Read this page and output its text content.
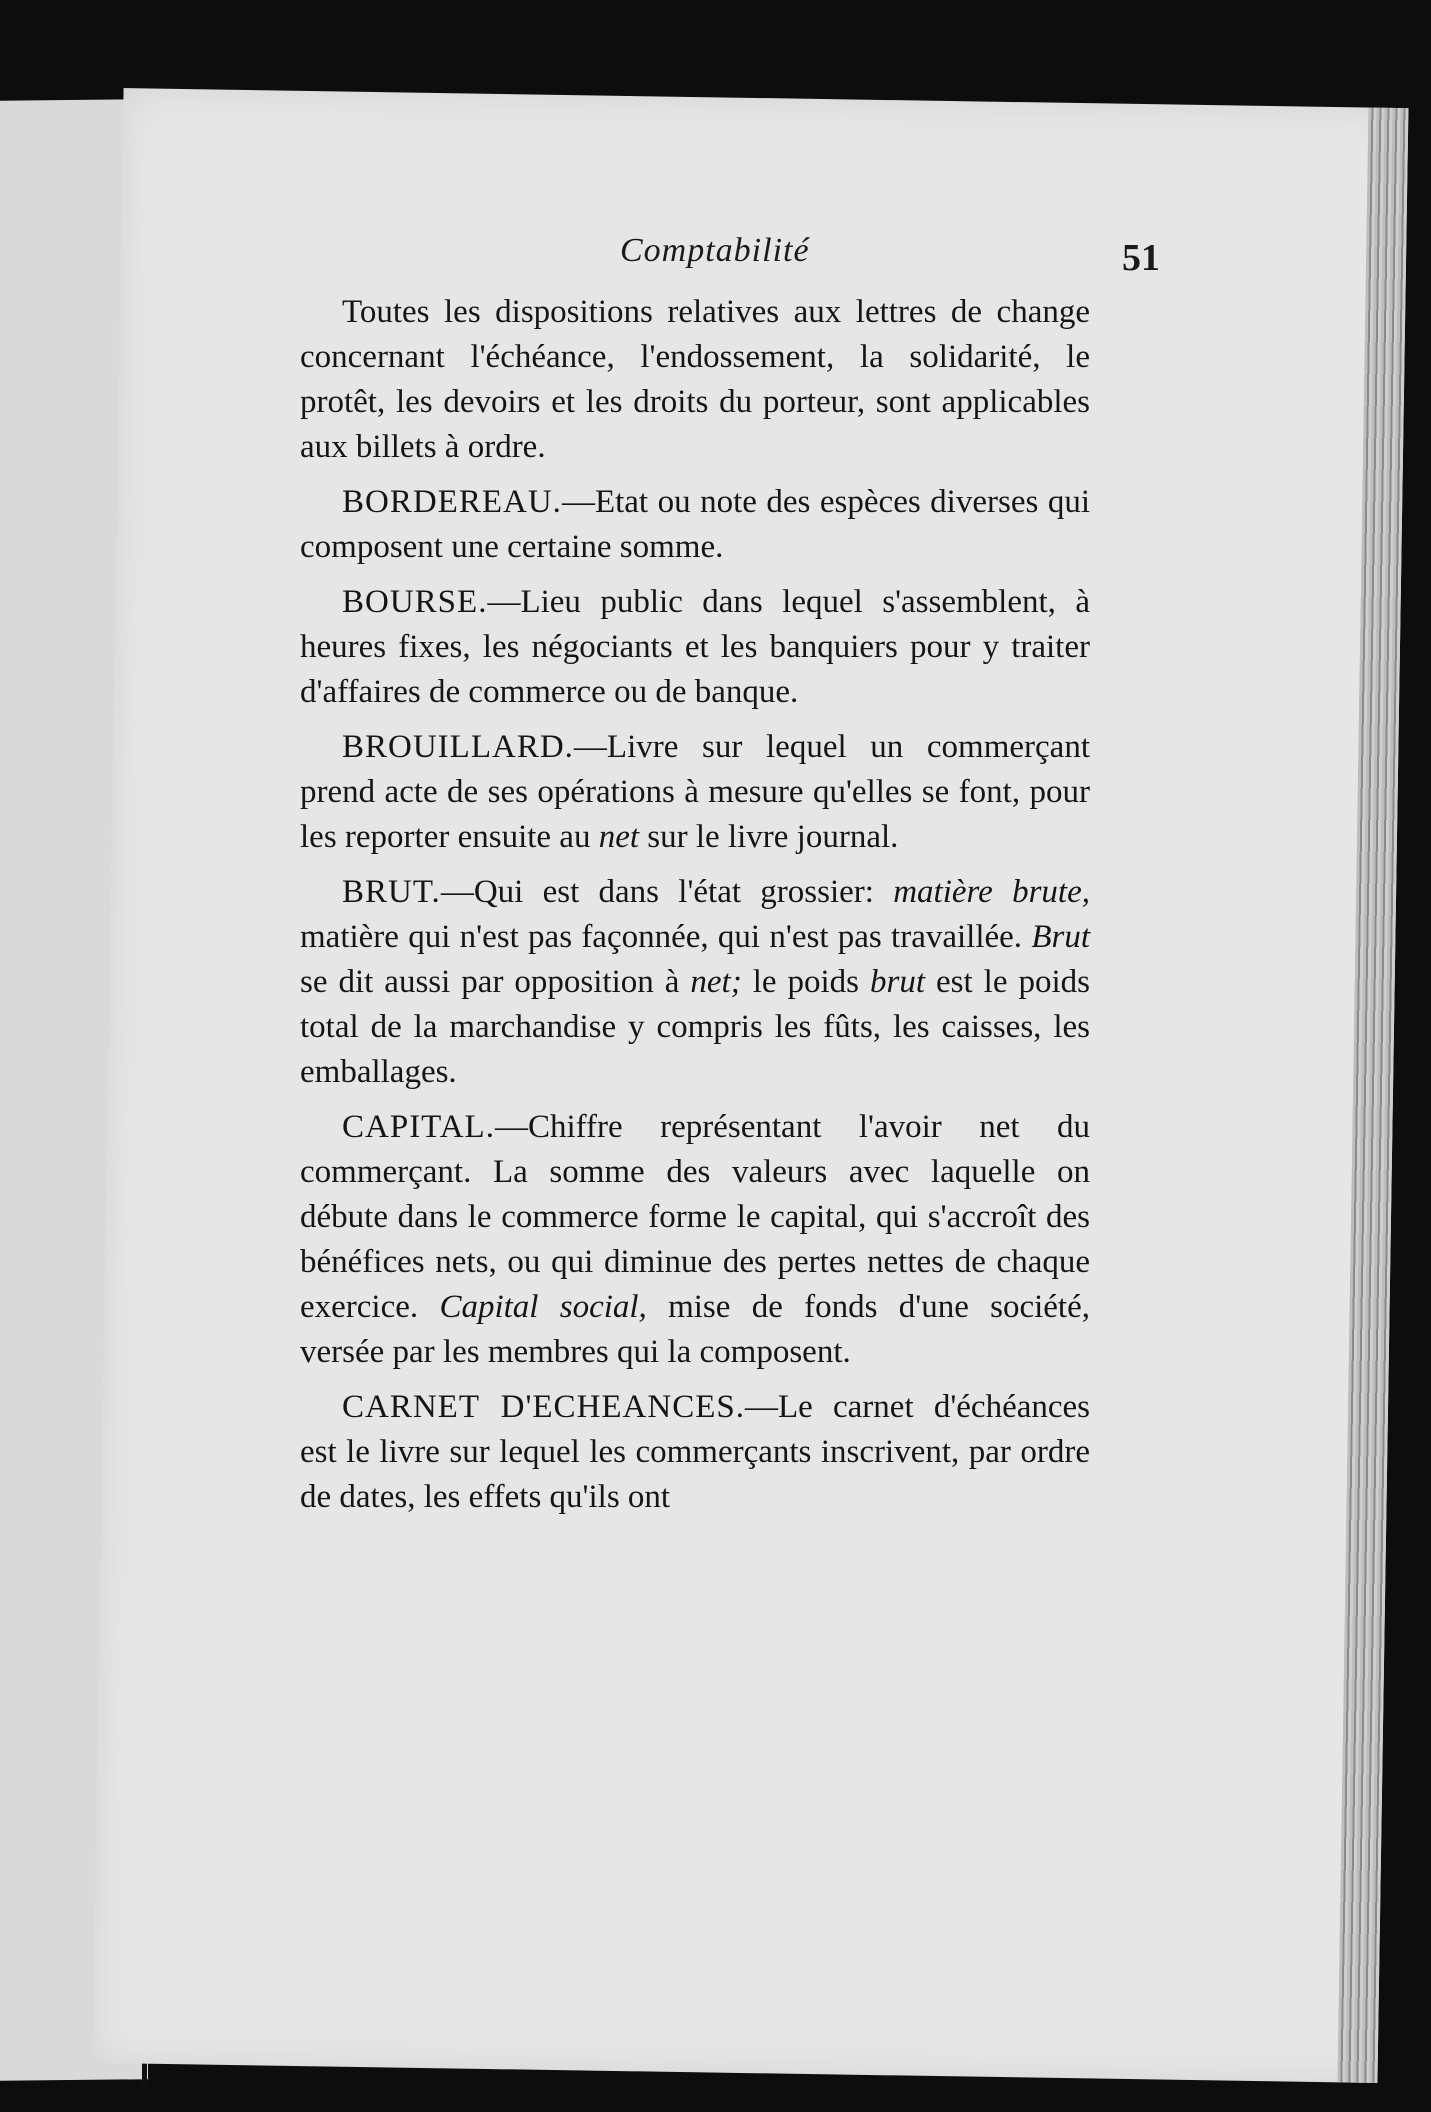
Comptabilité	51

Toutes les dispositions relatives aux lettres de change concernant l'échéance, l'endossement, la solidarité, le protêt, les devoirs et les droits du porteur, sont applicables aux billets à ordre.

BORDEREAU.—Etat ou note des espèces diverses qui composent une certaine somme.

BOURSE.—Lieu public dans lequel s'assemblent, à heures fixes, les négociants et les banquiers pour y traiter d'affaires de commerce ou de banque.

BROUILLARD.—Livre sur lequel un commerçant prend acte de ses opérations à mesure qu'elles se font, pour les reporter ensuite au net sur le livre journal.

BRUT.—Qui est dans l'état grossier: matière brute, matière qui n'est pas façonnée, qui n'est pas travaillée. Brut se dit aussi par opposition à net; le poids brut est le poids total de la marchandise y compris les fûts, les caisses, les emballages.

CAPITAL.—Chiffre représentant l'avoir net du commerçant. La somme des valeurs avec laquelle on débute dans le commerce forme le capital, qui s'accroît des bénéfices nets, ou qui diminue des pertes nettes de chaque exercice. Capital social, mise de fonds d'une société, versée par les membres qui la composent.

CARNET D'ECHEANCES.—Le carnet d'échéances est le livre sur lequel les commerçants inscrivent, par ordre de dates, les effets qu'ils ont
